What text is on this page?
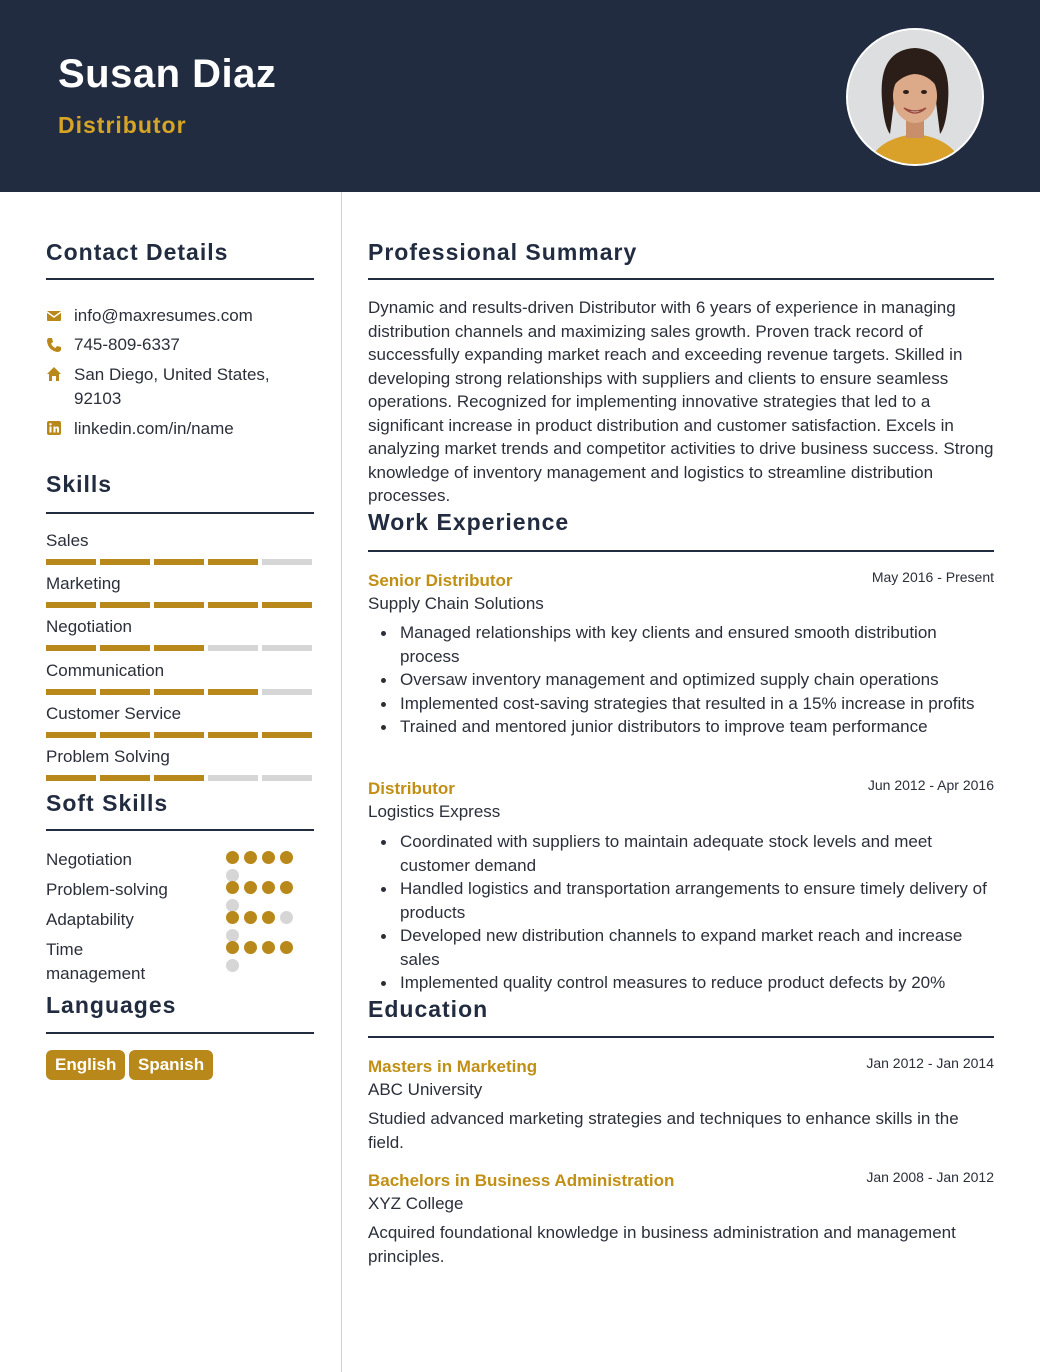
Susan Diaz
Distributor
Contact Details
info@maxresumes.com
745-809-6337
San Diego, United States, 92103
linkedin.com/in/name
Skills
Sales
Marketing
Negotiation
Communication
Customer Service
Problem Solving
Soft Skills
Negotiation
Problem-solving
Adaptability
Time management
Languages
English	Spanish
Professional Summary
Dynamic and results-driven Distributor with 6 years of experience in managing distribution channels and maximizing sales growth. Proven track record of successfully expanding market reach and exceeding revenue targets. Skilled in developing strong relationships with suppliers and clients to ensure seamless operations. Recognized for implementing innovative strategies that led to a significant increase in product distribution and customer satisfaction. Excels in analyzing market trends and competitor activities to drive business success. Strong knowledge of inventory management and logistics to streamline distribution processes.
Work Experience
Senior Distributor	May 2016 - Present
Supply Chain Solutions
Managed relationships with key clients and ensured smooth distribution process
Oversaw inventory management and optimized supply chain operations
Implemented cost-saving strategies that resulted in a 15% increase in profits
Trained and mentored junior distributors to improve team performance
Distributor	Jun 2012 - Apr 2016
Logistics Express
Coordinated with suppliers to maintain adequate stock levels and meet customer demand
Handled logistics and transportation arrangements to ensure timely delivery of products
Developed new distribution channels to expand market reach and increase sales
Implemented quality control measures to reduce product defects by 20%
Education
Masters in Marketing	Jan 2012 - Jan 2014
ABC University
Studied advanced marketing strategies and techniques to enhance skills in the field.
Bachelors in Business Administration	Jan 2008 - Jan 2012
XYZ College
Acquired foundational knowledge in business administration and management principles.
